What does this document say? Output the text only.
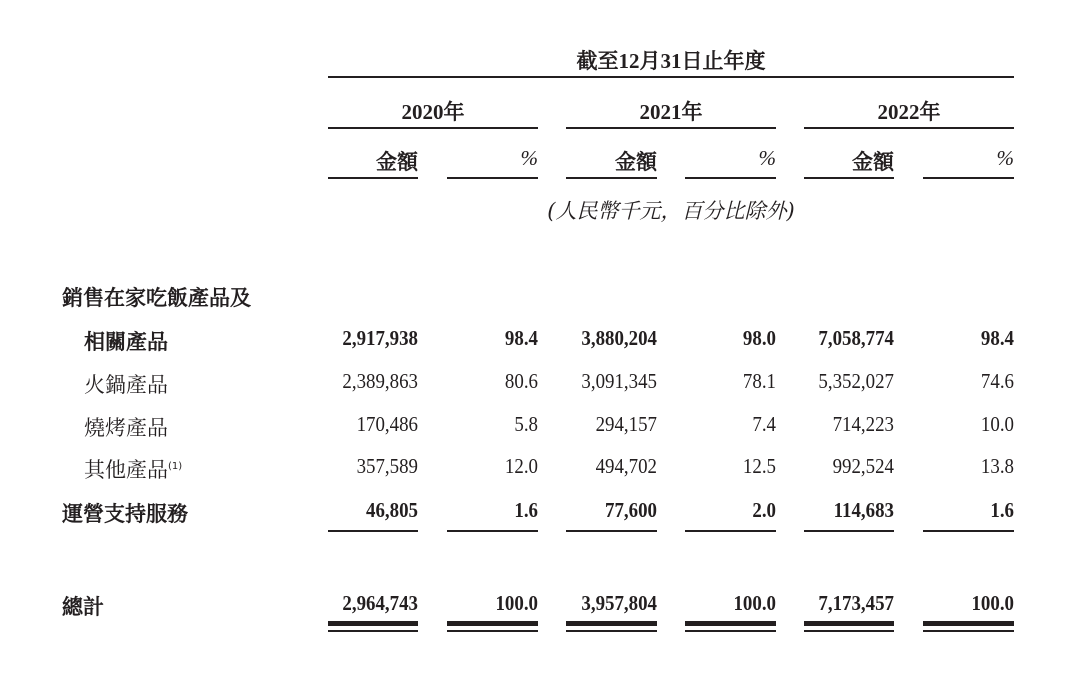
截至12月31日止年度
2020年	2021年	2022年
金額	%	金額	%	金額	%
(人民幣千元，百分比除外)
銷售在家吃飯產品及
相關產品	2,917,938	98.4	3,880,204	98.0	7,058,774	98.4
火鍋產品	2,389,863	80.6	3,091,345	78.1	5,352,027	74.6
燒烤產品	170,486	5.8	294,157	7.4	714,223	10.0
其他產品$^{(1)}$	357,589	12.0	494,702	12.5	992,524	13.8
運營支持服務	46,805	1.6	77,600	2.0	114,683	1.6
總計	2,964,743	100.0	3,957,804	100.0	7,173,457	100.0
